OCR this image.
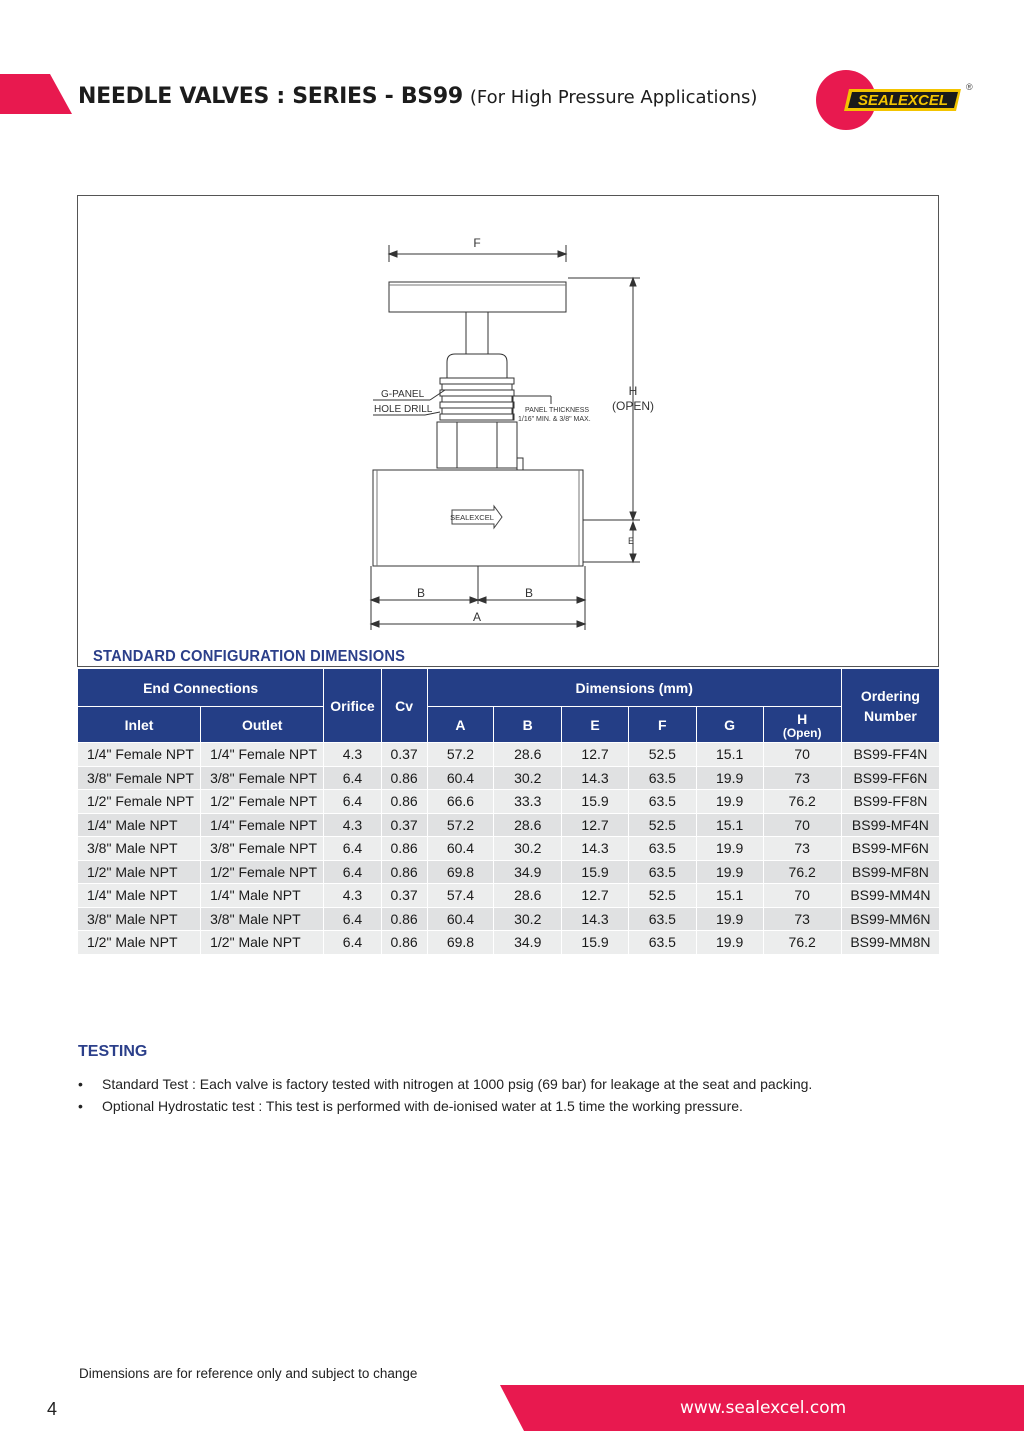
NEEDLE VALVES : SERIES - BS99 (For High Pressure Applications)	SEALEXCEL
®
F
H
(OPEN)
G-PANEL
HOLE DRILL	PANEL THICKNESS
1/16" MIN. & 3/8" MAX.
SEALEXCEL
E
B	B
A
STANDARD CONFIGURATION DIMENSIONS
End Connections		Orifice	Cv	Dimensions (mm)						Ordering Number
Inlet	Outlet			A	B	E	F	G	H
(Open)	

1/4" Female NPT	1/4" Female NPT	4.3	0.37	57.2	28.6	12.7	52.5	15.1	70	BS99-FF4N
3/8" Female NPT	3/8" Female NPT	6.4	0.86	60.4	30.2	14.3	63.5	19.9	73	BS99-FF6N
1/2" Female NPT	1/2" Female NPT	6.4	0.86	66.6	33.3	15.9	63.5	19.9	76.2	BS99-FF8N
1/4" Male NPT	1/4" Female NPT	4.3	0.37	57.2	28.6	12.7	52.5	15.1	70	BS99-MF4N
3/8" Male NPT	3/8" Female NPT	6.4	0.86	60.4	30.2	14.3	63.5	19.9	73	BS99-MF6N
1/2" Male NPT	1/2" Female NPT	6.4	0.86	69.8	34.9	15.9	63.5	19.9	76.2	BS99-MF8N
1/4" Male NPT	1/4" Male NPT	4.3	0.37	57.4	28.6	12.7	52.5	15.1	70	BS99-MM4N
3/8" Male NPT	3/8" Male NPT	6.4	0.86	60.4	30.2	14.3	63.5	19.9	73	BS99-MM6N
1/2" Male NPT	1/2" Male NPT	6.4	0.86	69.8	34.9	15.9	63.5	19.9	76.2	BS99-MM8N
TESTING
• Standard Test : Each valve is factory tested with nitrogen at 1000 psig (69 bar) for leakage at the seat and packing.
• Optional Hydrostatic test : This test is performed with de-ionised water at 1.5 time the working pressure.
Dimensions are for reference only and subject to change
4	www.sealexcel.com
